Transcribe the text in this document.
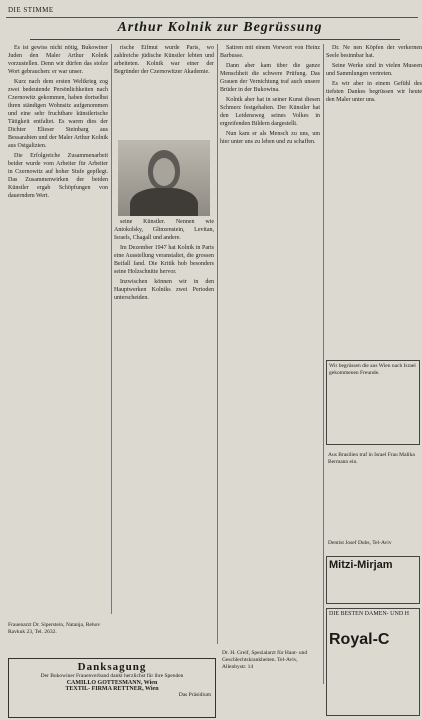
DIE STIMME
Arthur Kolnik zur Begrüssung

Es ist gewiss nicht nötig, Bukowiner Juden den Maler Arthur Kolnik vorzustellen. Denn wir dürfen das stolze Wort gebrauchen: er war unser.

Kurz nach dem ersten Weltkrieg zog zwei bedeutende Persönlichkeiten nach Czernowitz gekommen, haben dortselbst ihren ständigen Wohnsitz aufgenommen und eine sehr fruchtbare künstlerische Tätigkeit entfaltet. Es waren dies der Dichter Elieser Steinbarg aus Bessarabien und der Maler Arthur Kolnik aus Ostgalizien.

Die Erfolgreiche Zusammenarbeit beider wurde vom Arbeiter für Arbeiter in Czernowitz auf hoher Stufe gepflegt. Das Zusammenwirken der beiden Künstler ergab Schöpfungen von dauerndem Wert.

rische Eifmut wurde Paris, wo zahlreiche jüdische Künstler lebten und arbeiteten. Kolnik war einer der Begründer der Czernowitzer Akademie.

seine Künstler. Nennen wie Antokolsky, Glinzenstein, Levitan, Israels, Chagall und andere.

Im Dezember 1947 hat Kolnik in Paris eine Ausstellung veranstaltet, die grossen Beifall fand. Die Kritik hob besonders seine Holzschnitte hervor.

Inzwischen können wir in den Hauptwerken Kolniks zwei Perioden unterscheiden.

Satiren mit einem Vorwort von Heinz Barbusse.

Dann aber kam über die ganze Menschheit die schwere Prüfung. Das Grauen der Vernichtung traf auch unsere Brüder in der Bukowina.

Kolnik aber hat in seiner Kunst diesen Schmerz festgehalten. Der Künstler hat den Leidensweg seines Volkes in ergreifenden Bildern dargestellt.

Nun kam er als Mensch zu uns, um hier unter uns zu leben und zu schaffen.

Dr. Ne nen Köpfen der verkernen Seele besinnbar hat.

Seine Werke sind in vielen Museen und Sammlungen vertreten.

Es wir aber in einem Gefühl des tiefsten Dankes begrüssen wir heute den Maler unter uns.

Wir begrüssen die aus Wien nach Israel gekommenen Freunde.
Aus Brasilien traf in Israel Frau Malika Bermann ein.
Dentist Josef Dubs, Tel-Aviv
Mitzi-Mirjam
DIE BESTEN DAMEN- UND H
Royal-C
Dr. H. Greif, Spezialarzt für Haut- und Geschlechtskrankheiten. Tel-Aviv, Allenbystr. 14
Frauenarzt Dr. Siperstein, Natanja, Rehov Ravkuk 23, Tel. 2632.
Danksagung
Der Bukowiner Frauenverband dankt herzlichst für ihre Spenden
CAMILLO GOTTESMANN, Wien
TEXTIL- FIRMA RETTNER, Wien
Das Präsidium
